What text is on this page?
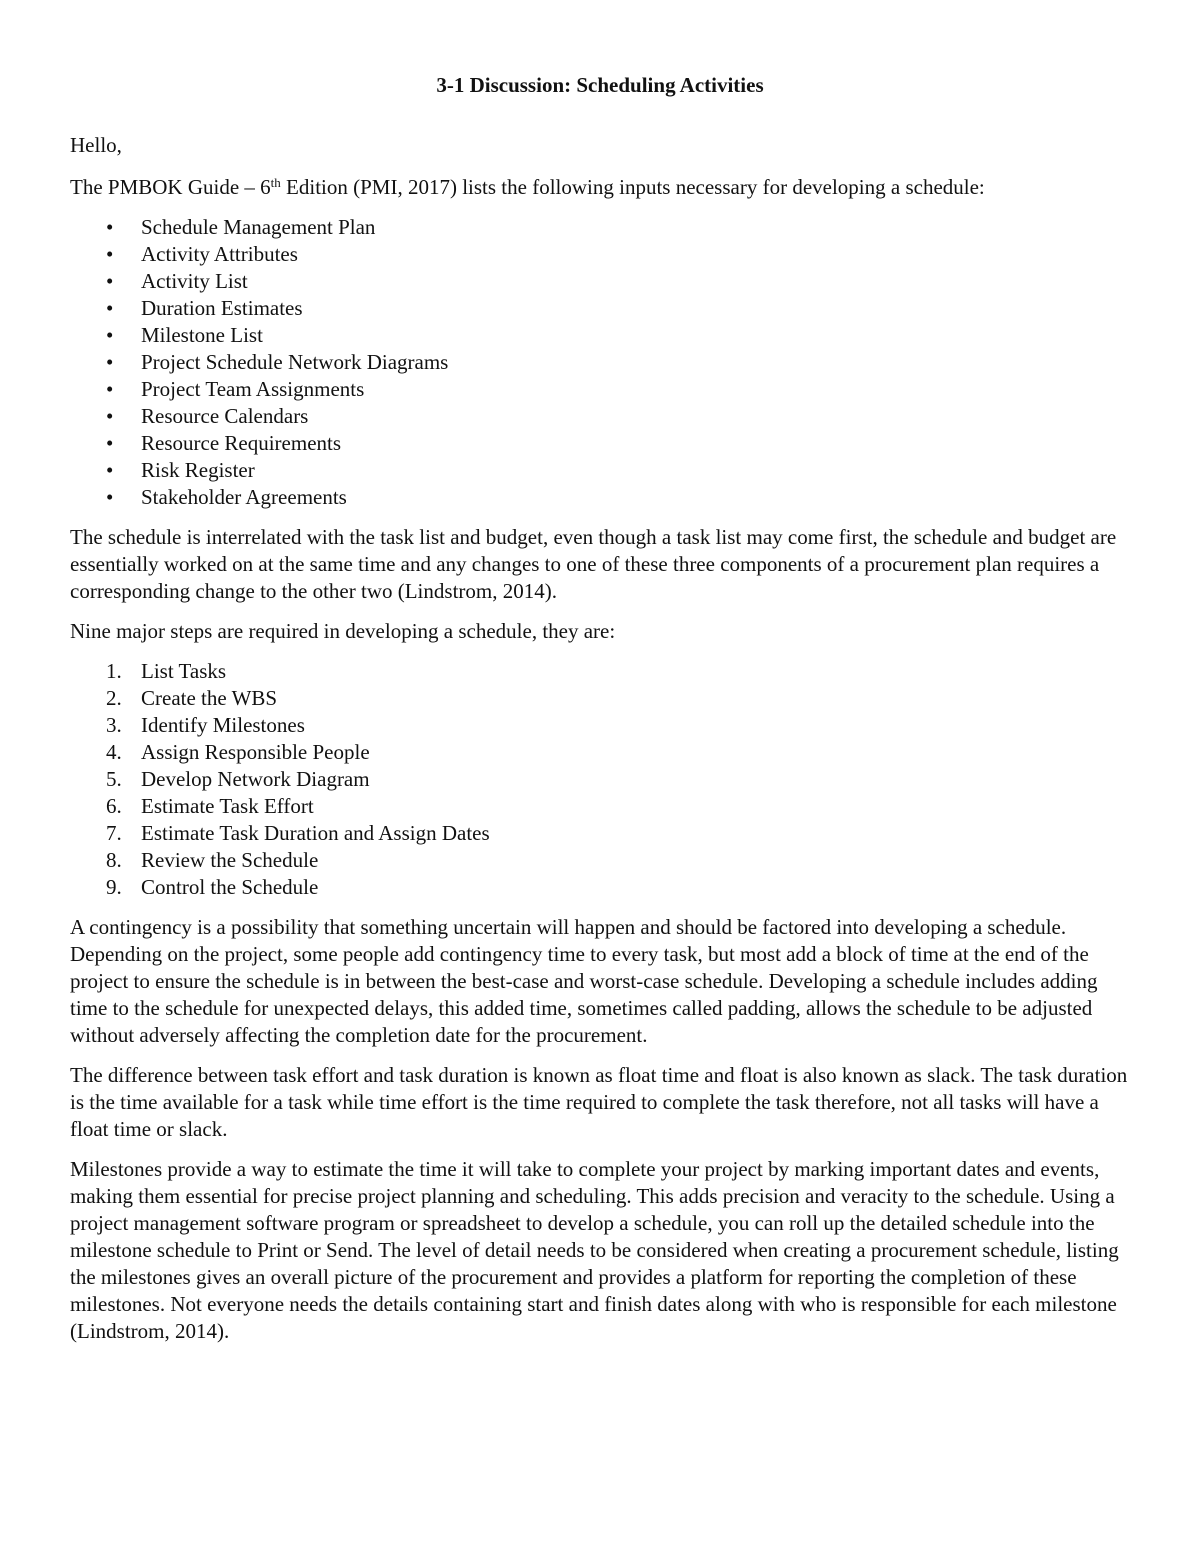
3-1 Discussion: Scheduling Activities

Hello,

The PMBOK Guide – 6th Edition (PMI, 2017) lists the following inputs necessary for developing a schedule:

• Schedule Management Plan
• Activity Attributes
• Activity List
• Duration Estimates
• Milestone List
• Project Schedule Network Diagrams
• Project Team Assignments
• Resource Calendars
• Resource Requirements
• Risk Register
• Stakeholder Agreements

The schedule is interrelated with the task list and budget, even though a task list may come first, the schedule and budget are essentially worked on at the same time and any changes to one of these three components of a procurement plan requires a corresponding change to the other two (Lindstrom, 2014).

Nine major steps are required in developing a schedule, they are:

1. List Tasks
2. Create the WBS
3. Identify Milestones
4. Assign Responsible People
5. Develop Network Diagram
6. Estimate Task Effort
7. Estimate Task Duration and Assign Dates
8. Review the Schedule
9. Control the Schedule

A contingency is a possibility that something uncertain will happen and should be factored into developing a schedule. Depending on the project, some people add contingency time to every task, but most add a block of time at the end of the project to ensure the schedule is in between the best-case and worst-case schedule. Developing a schedule includes adding time to the schedule for unexpected delays, this added time, sometimes called padding, allows the schedule to be adjusted without adversely affecting the completion date for the procurement.

The difference between task effort and task duration is known as float time and float is also known as slack. The task duration is the time available for a task while time effort is the time required to complete the task therefore, not all tasks will have a float time or slack.

Milestones provide a way to estimate the time it will take to complete your project by marking important dates and events, making them essential for precise project planning and scheduling. This adds precision and veracity to the schedule. Using a project management software program or spreadsheet to develop a schedule, you can roll up the detailed schedule into the milestone schedule to Print or Send. The level of detail needs to be considered when creating a procurement schedule, listing the milestones gives an overall picture of the procurement and provides a platform for reporting the completion of these milestones. Not everyone needs the details containing start and finish dates along with who is responsible for each milestone (Lindstrom, 2014).
